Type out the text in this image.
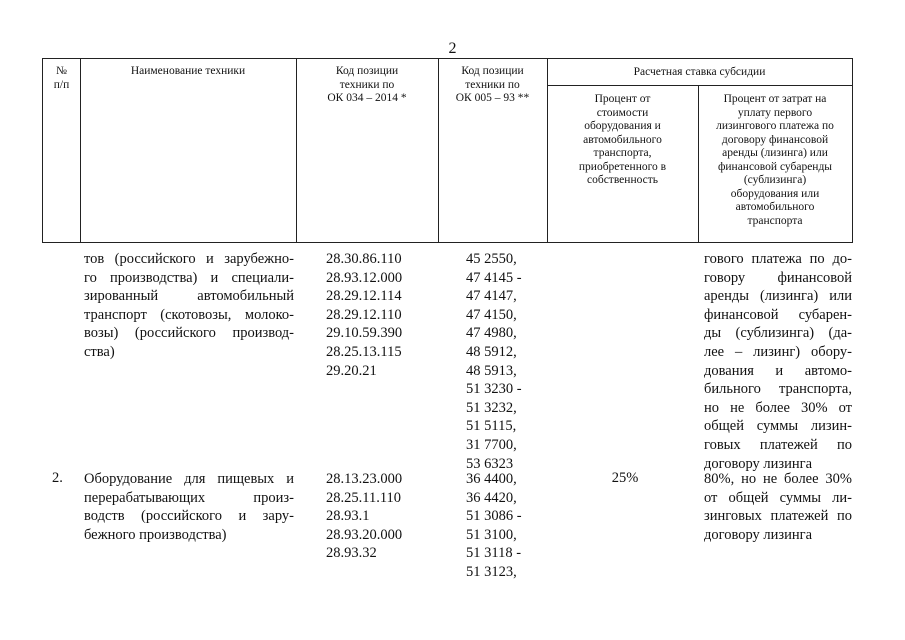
2
№
п/п
Наименование техники	Код позиции
техники по
ОК 034 – 2014 *
Код позиции
техники по
ОК 005 – 93 **
Расчетная ставка субсидии
Процент от
стоимости
оборудования и
автомобильного
транспорта,
приобретенного в
собственность
Процент от затрат на
уплату первого
лизингового платежа по
договору финансовой
аренды (лизинга) или
финансовой субаренды
(сублизинга)
оборудования или
автомобильного
транспорта
тов (российского и зарубежно-
го производства) и специали-
зированный автомобильный
транспорт (скотовозы, молоко-
возы) (российского производ-
ства)
28.30.86.110
28.93.12.000
28.29.12.114
28.29.12.110
29.10.59.390
28.25.13.115
29.20.21
45 2550,
47 4145 -
47 4147,
47 4150,
47 4980,
48 5912,
48 5913,
51 3230 -
51 3232,
51 5115,
31 7700,
53 6323
гового платежа по до-
говору финансовой
аренды (лизинга) или
финансовой субарен-
ды (сублизинга) (да-
лее – лизинг) обору-
дования и автомо-
бильного транспорта,
но не более 30% от
общей суммы лизин-
говых платежей по
договору лизинга
2. Оборудование для пищевых и
перерабатывающих произ-
водств (российского и зару-
бежного производства)
28.13.23.000
28.25.11.110
28.93.1
28.93.20.000
28.93.32
36 4400,
36 4420,
51 3086 -
51 3100,
51 3118 -
51 3123,
25%	80%, но не более 30%
от общей суммы ли-
зинговых платежей по
договору лизинга
